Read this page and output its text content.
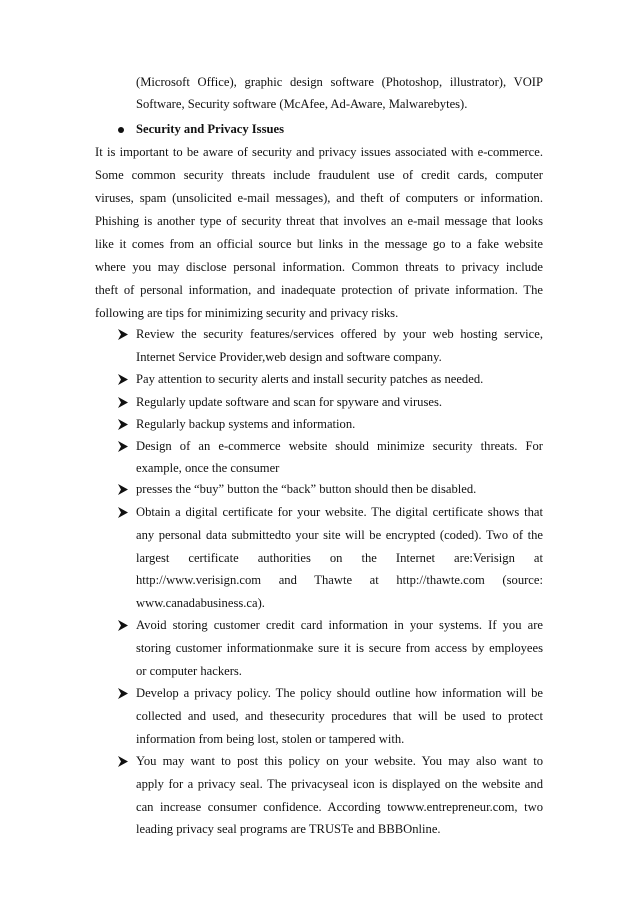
(Microsoft Office), graphic design software (Photoshop, illustrator), VOIP
Software, Security software (McAfee, Ad-Aware, Malwarebytes).
Security and Privacy Issues
It is important to be aware of security and privacy issues associated with e-commerce.
Some common security threats include fraudulent use of credit cards, computer
viruses, spam (unsolicited e-mail messages), and theft of computers or information.
Phishing is another type of security threat that involves an e-mail message that looks
like it comes from an official source but links in the message go to a fake website
where you may disclose personal information. Common threats to privacy include
theft of personal information, and inadequate protection of private information. The
following are tips for minimizing security and privacy risks.
Review the security features/services offered by your web hosting service,
Internet Service Provider,web design and software company.
Pay attention to security alerts and install security patches as needed.
Regularly update software and scan for spyware and viruses.
Regularly backup systems and information.
Design of an e-commerce website should minimize security threats. For
example, once the consumer
presses the “buy” button the “back” button should then be disabled.
Obtain a digital certificate for your website. The digital certificate shows that
any personal data submittedto your site will be encrypted (coded). Two of the
largest certificate authorities on the Internet are:Verisign at
http://www.verisign.com and Thawte at http://thawte.com (source:
www.canadabusiness.ca).
Avoid storing customer credit card information in your systems. If you are
storing customer informationmake sure it is secure from access by employees
or computer hackers.
Develop a privacy policy. The policy should outline how information will be
collected and used, and thesecurity procedures that will be used to protect
information from being lost, stolen or tampered with.
You may want to post this policy on your website. You may also want to
apply for a privacy seal. The privacyseal icon is displayed on the website and
can increase consumer confidence. According towww.entrepreneur.com, two
leading privacy seal programs are TRUSTe and BBBOnline.
